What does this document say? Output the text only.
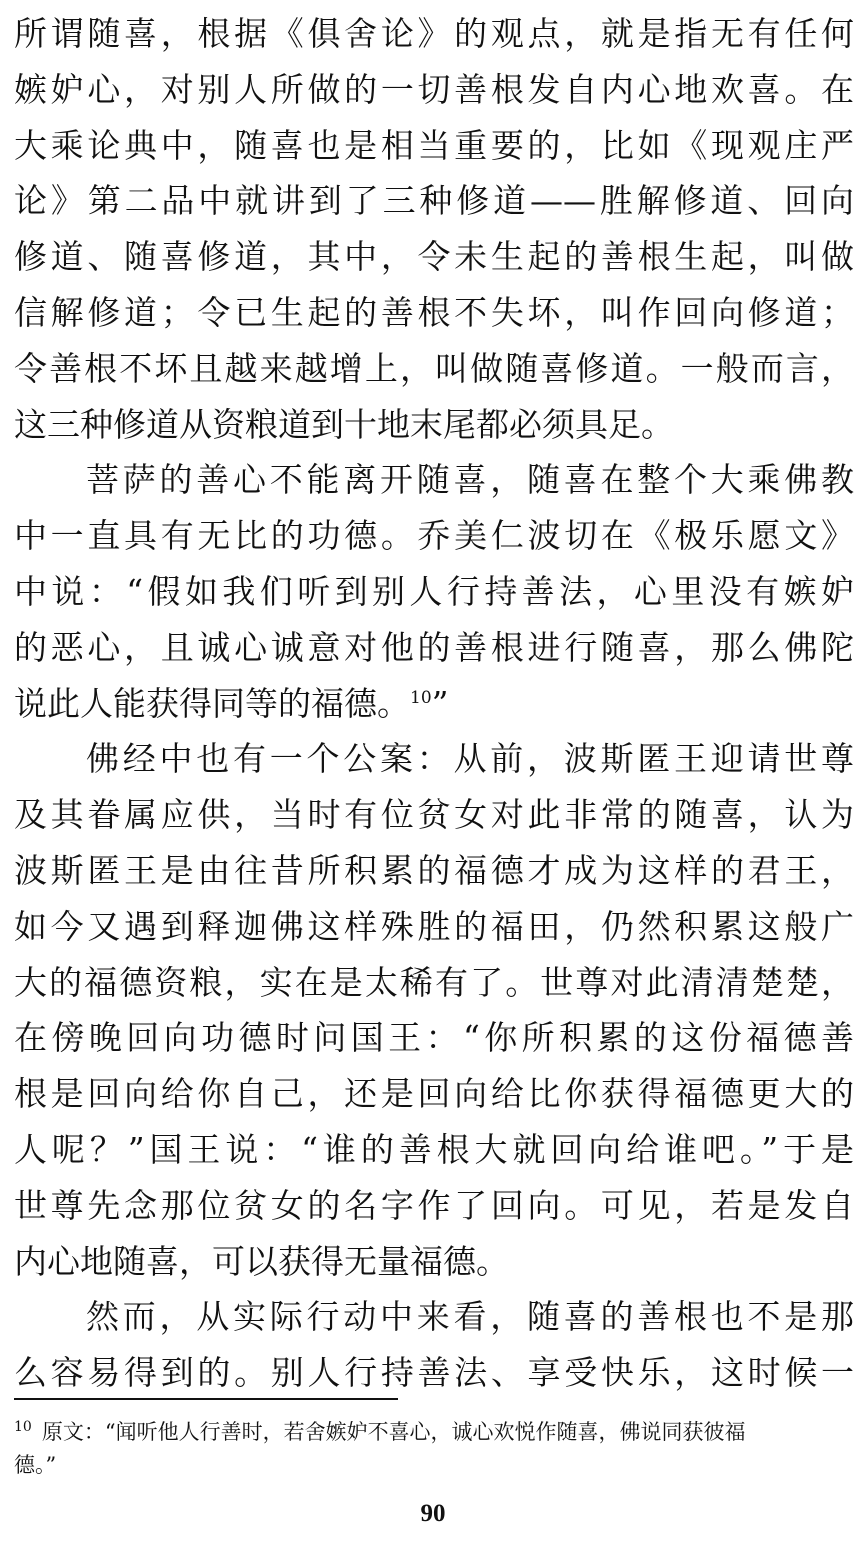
所谓随喜，根据《俱舍论》的观点，就是指无有任何
嫉妒心，对别人所做的一切善根发自内心地欢喜。在
大乘论典中，随喜也是相当重要的，比如《现观庄严
论》第二品中就讲到了三种修道——胜解修道、回向
修道、随喜修道，其中，令未生起的善根生起，叫做
信解修道；令已生起的善根不失坏，叫作回向修道；
令善根不坏且越来越增上，叫做随喜修道。一般而言，
这三种修道从资粮道到十地末尾都必须具足。

菩萨的善心不能离开随喜，随喜在整个大乘佛教
中一直具有无比的功德。乔美仁波切在《极乐愿文》
中说：“假如我们听到别人行持善法，心里没有嫉妒
的恶心，且诚心诚意对他的善根进行随喜，那么佛陀
说此人能获得同等的福德。$^{10}$”

佛经中也有一个公案：从前，波斯匿王迎请世尊
及其眷属应供，当时有位贫女对此非常的随喜，认为
波斯匿王是由往昔所积累的福德才成为这样的君王，
如今又遇到释迦佛这样殊胜的福田，仍然积累这般广
大的福德资粮，实在是太稀有了。世尊对此清清楚楚，
在傍晚回向功德时问国王：“你所积累的这份福德善
根是回向给你自己，还是回向给比你获得福德更大的
人呢？”国王说：“谁的善根大就回向给谁吧。”于是
世尊先念那位贫女的名字作了回向。可见，若是发自
内心地随喜，可以获得无量福德。

然而，从实际行动中来看，随喜的善根也不是那
么容易得到的。别人行持善法、享受快乐，这时候一

$^{10}$ 原文：“闻听他人行善时，若舍嫉妒不喜心，诚心欢悦作随喜，佛说同获彼福
德。”
90
